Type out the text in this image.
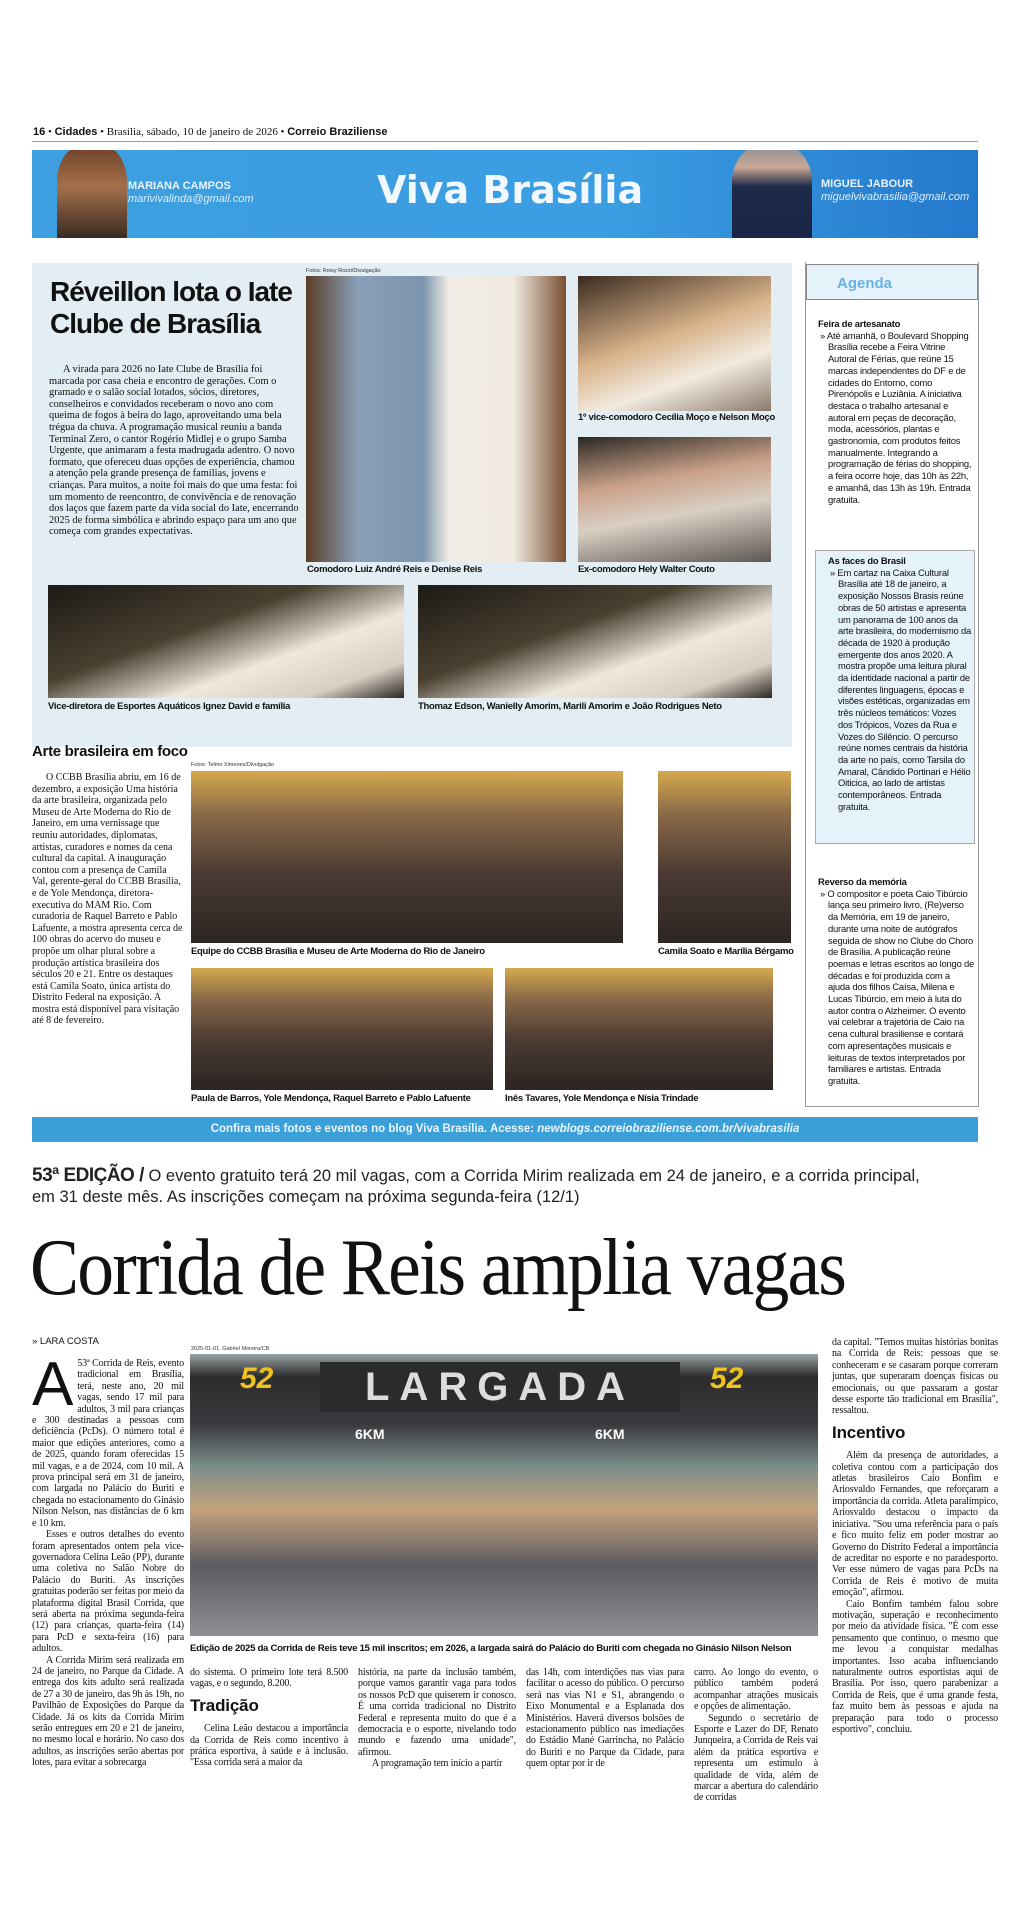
16 • Cidades • Brasília, sábado, 10 de janeiro de 2026 • Correio Braziliense
MARIANA CAMPOS
marivivalinda@gmail.com	Viva Brasília	MIGUEL JABOUR
miguelvivabrasilia@gmail.com
Réveillon lota o Iate Clube de Brasília

A virada para 2026 no Iate Clube de Brasília foi marcada por casa cheia e encontro de gerações. Com o gramado e o salão social lotados, sócios, diretores, conselheiros e convidados receberam o novo ano com queima de fogos à beira do lago, aproveitando uma bela trégua da chuva. A programação musical reuniu a banda Terminal Zero, o cantor Rogério Midlej e o grupo Samba Urgente, que animaram a festa madrugada adentro. O novo formato, que ofereceu duas opções de experiência, chamou a atenção pela grande presença de famílias, jovens e crianças. Para muitos, a noite foi mais do que uma festa: foi um momento de reencontro, de convivência e de renovação dos laços que fazem parte da vida social do Iate, encerrando 2025 de forma simbólica e abrindo espaço para um ano que começa com grandes expectativas.

Fotos: Reisy Rozzi/Divulgação
Comodoro Luiz André Reis e Denise Reis
1º vice-comodoro Cecília Moço e Nelson Moço
Ex-comodoro Hely Walter Couto
Vice-diretora de Esportes Aquáticos Ignez David e família	Thomaz Edson, Wanielly Amorim, Marili Amorim e João Rodrigues Neto
Agenda
Feira de artesanato
» Até amanhã, o Boulevard Shopping Brasília recebe a Feira Vitrine Autoral de Férias, que reúne 15 marcas independentes do DF e de cidades do Entorno, como Pirenópolis e Luziânia. A iniciativa destaca o trabalho artesanal e autoral em peças de decoração, moda, acessórios, plantas e gastronomia, com produtos feitos manualmente. Integrando a programação de férias do shopping, a feira ocorre hoje, das 10h às 22h, e amanhã, das 13h às 19h. Entrada gratuita.
As faces do Brasil
» Em cartaz na Caixa Cultural Brasília até 18 de janeiro, a exposição Nossos Brasis reúne obras de 50 artistas e apresenta um panorama de 100 anos da arte brasileira, do modernismo da década de 1920 à produção emergente dos anos 2020. A mostra propõe uma leitura plural da identidade nacional a partir de diferentes linguagens, épocas e visões estéticas, organizadas em três núcleos temáticos: Vozes dos Trópicos, Vozes da Rua e Vozes do Silêncio. O percurso reúne nomes centrais da história da arte no país, como Tarsila do Amaral, Cândido Portinari e Hélio Oiticica, ao lado de artistas contemporâneos. Entrada gratuita.
Reverso da memória
» O compositor e poeta Caio Tibúrcio lança seu primeiro livro, (Re)verso da Memória, em 19 de janeiro, durante uma noite de autógrafos seguida de show no Clube do Choro de Brasília. A publicação reúne poemas e letras escritos ao longo de décadas e foi produzida com a ajuda dos filhos Caísa, Milena e Lucas Tibúrcio, em meio à luta do autor contra o Alzheimer. O evento vai celebrar a trajetória de Caio na cena cultural brasiliense e contará com apresentações musicais e leituras de textos interpretados por familiares e artistas. Entrada gratuita.
Arte brasileira em foco

O CCBB Brasília abriu, em 16 de dezembro, a exposição Uma história da arte brasileira, organizada pelo Museu de Arte Moderna do Rio de Janeiro, em uma vernissage que reuniu autoridades, diplomatas, artistas, curadores e nomes da cena cultural da capital. A inauguração contou com a presença de Camila Val, gerente-geral do CCBB Brasília, e de Yole Mendonça, diretora-executiva do MAM Rio. Com curadoria de Raquel Barreto e Pablo Lafuente, a mostra apresenta cerca de 100 obras do acervo do museu e propõe um olhar plural sobre a produção artística brasileira dos séculos 20 e 21. Entre os destaques está Camila Soato, única artista do Distrito Federal na exposição. A mostra está disponível para visitação até 8 de fevereiro.

Fotos: Telmo Ximenes/Divulgação
Equipe do CCBB Brasília e Museu de Arte Moderna do Rio de Janeiro	Camila Soato e Marília Bérgamo
Paula de Barros, Yole Mendonça, Raquel Barreto e Pablo Lafuente	Inês Tavares, Yole Mendonça e Nísia Trindade
Confira mais fotos e eventos no blog Viva Brasília. Acesse: newblogs.correiobraziliense.com.br/vivabrasilia
53ª EDIÇÃO / O evento gratuito terá 20 mil vagas, com a Corrida Mirim realizada em 24 de janeiro, e a corrida principal, em 31 deste mês. As inscrições começam na próxima segunda-feira (12/1)
Corrida de Reis amplia vagas
» LARA COSTA
A 53ª Corrida de Reis, evento tradicional em Brasília, terá, neste ano, 20 mil vagas, sendo 17 mil para adultos, 3 mil para crianças e 300 destinadas a pessoas com deficiência (PcDs). O número total é maior que edições anteriores, como a de 2025, quando foram oferecidas 15 mil vagas, e a de 2024, com 10 mil. A prova principal será em 31 de janeiro, com largada no Palácio do Buriti e chegada no estacionamento do Ginásio Nilson Nelson, nas distâncias de 6 km e 10 km.

Esses e outros detalhes do evento foram apresentados ontem pela vice-governadora Celina Leão (PP), durante uma coletiva no Salão Nobre do Palácio do Buriti. As inscrições gratuitas poderão ser feitas por meio da plataforma digital Brasil Corrida, que será aberta na próxima segunda-feira (12) para crianças, quarta-feira (14) para PcD e sexta-feira (16) para adultos.

A Corrida Mirim será realizada em 24 de janeiro, no Parque da Cidade. A entrega dos kits adulto será realizada de 27 a 30 de janeiro, das 9h às 19h, no Pavilhão de Exposições do Parque da Cidade. Já os kits da Corrida Mirim serão entregues em 20 e 21 de janeiro, no mesmo local e horário. No caso dos adultos, as inscrições serão abertas por lotes, para evitar a sobrecarga

2025-01-01. Gabriel Moreira/CB
LARGADA
52	52
6KM	6KM
Edição de 2025 da Corrida de Reis teve 15 mil inscritos; em 2026, a largada sairá do Palácio do Buriti com chegada no Ginásio Nilson Nelson
do sistema. O primeiro lote terá 8.500 vagas, e o segundo, 8.200.
Tradição

Celina Leão destacou a importância da Corrida de Reis como incentivo à prática esportiva, à saúde e à inclusão. "Essa corrida será a maior da

história, na parte da inclusão também, porque vamos garantir vaga para todos os nossos PcD que quiserem ir conosco. É uma corrida tradicional no Distrito Federal e representa muito do que é a democracia e o esporte, nivelando todo mundo e fazendo uma unidade", afirmou.

A programação tem início a partir

das 14h, com interdições nas vias para facilitar o acesso do público. O percurso será nas vias N1 e S1, abrangendo o Eixo Monumental e a Esplanada dos Ministérios. Haverá diversos bolsões de estacionamento público nas imediações do Estádio Mané Garrincha, no Palácio do Buriti e no Parque da Cidade, para quem optar por ir de
carro. Ao longo do evento, o público também poderá acompanhar atrações musicais e opções de alimentação.

Segundo o secretário de Esporte e Lazer do DF, Renato Junqueira, a Corrida de Reis vai além da prática esportiva e representa um estímulo à qualidade de vida, além de marcar a abertura do calendário de corridas

da capital. "Temos muitas histórias bonitas na Corrida de Reis: pessoas que se conheceram e se casaram porque correram juntas, que superaram doenças físicas ou emocionais, ou que passaram a gostar desse esporte tão tradicional em Brasília", ressaltou.
Incentivo

Além da presença de autoridades, a coletiva contou com a participação dos atletas brasileiros Caio Bonfim e Ariosvaldo Fernandes, que reforçaram a importância da corrida. Atleta paralímpico, Ariosvaldo destacou o impacto da iniciativa. "Sou uma referência para o país e fico muito feliz em poder mostrar ao Governo do Distrito Federal a importância de acreditar no esporte e no paradesporto. Ver esse número de vagas para PcDs na Corrida de Reis é motivo de muita emoção", afirmou.

Caio Bonfim também falou sobre motivação, superação e reconhecimento por meio da atividade física. "É com esse pensamento que continuo, o mesmo que me levou a conquistar medalhas importantes. Isso acaba influenciando naturalmente outros esportistas aqui de Brasília. Por isso, quero parabenizar a Corrida de Reis, que é uma grande festa, faz muito bem às pessoas e ajuda na preparação para todo o processo esportivo", concluiu.
